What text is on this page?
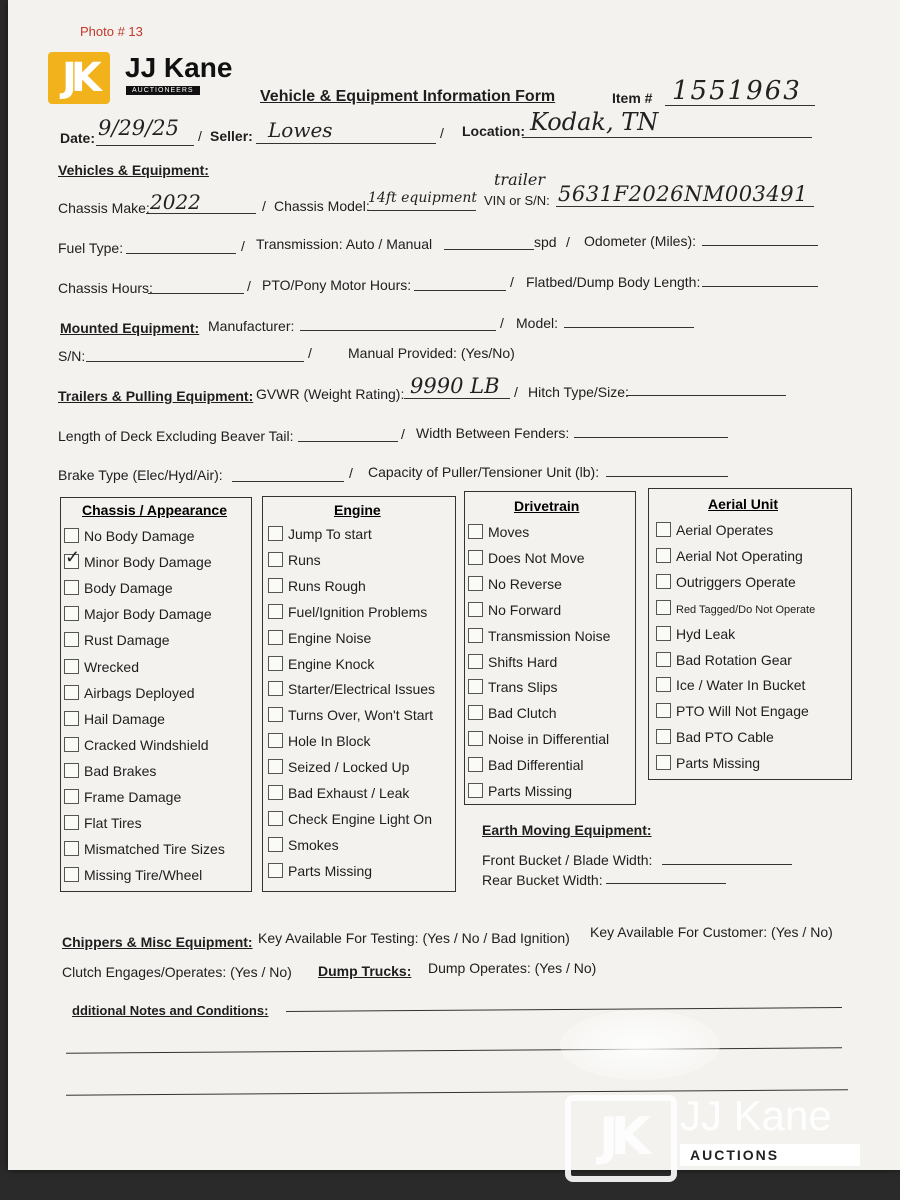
Photo # 13
JK	JJ Kane
AUCTIONEERS	Vehicle & Equipment Information Form	Item # 1551963
Date: 9/29/25 / Seller: Lowes	/ Location: Kodak, TN
Vehicles & Equipment:
Chassis Make: 2022	/ Chassis Model:
14ft equipment
trailer
VIN or S/N: 5631F2026NM003491
Fuel Type:	/ Transmission: Auto / Manual	spd / Odometer (Miles):
Chassis Hours:	/ PTO/Pony Motor Hours:	/ Flatbed/Dump Body Length:
Mounted Equipment: Manufacturer:	/ Model:
S/N:	/	Manual Provided: (Yes/No)
Trailers & Pulling Equipment: GVWR (Weight Rating): 9990 LB / Hitch Type/Size:
Length of Deck Excluding Beaver Tail:	/ Width Between Fenders:
Brake Type (Elec/Hyd/Air):	/ Capacity of Puller/Tensioner Unit (lb):
Chassis / Appearance	Engine	Drivetrain	Aerial Unit
No Body Damage
✓ Minor Body Damage
Body Damage
Major Body Damage
Rust Damage
Wrecked
Airbags Deployed
Hail Damage
Cracked Windshield
Bad Brakes
Frame Damage
Flat Tires
Mismatched Tire Sizes
Missing Tire/Wheel
Jump To start
Runs
Runs Rough
Fuel/Ignition Problems
Engine Noise
Engine Knock
Starter/Electrical Issues
Turns Over, Won't Start
Hole In Block
Seized / Locked Up
Bad Exhaust / Leak
Check Engine Light On
Smokes
Parts Missing
Moves
Does Not Move
No Reverse
No Forward
Transmission Noise
Shifts Hard
Trans Slips
Bad Clutch
Noise in Differential
Bad Differential
Parts Missing
Aerial Operates
Aerial Not Operating
Outriggers Operate
Red Tagged/Do Not Operate
Hyd Leak
Bad Rotation Gear
Ice / Water In Bucket
PTO Will Not Engage
Bad PTO Cable
Parts Missing
Earth Moving Equipment:
Front Bucket / Blade Width:
Rear Bucket Width:
Chippers & Misc Equipment: Key Available For Testing: (Yes / No / Bad Ignition) Key Available For Customer: (Yes / No)
Clutch Engages/Operates: (Yes / No) Dump Trucks: Dump Operates: (Yes / No)
dditional Notes and Conditions:
JK JJ Kane
AUCTIONS
